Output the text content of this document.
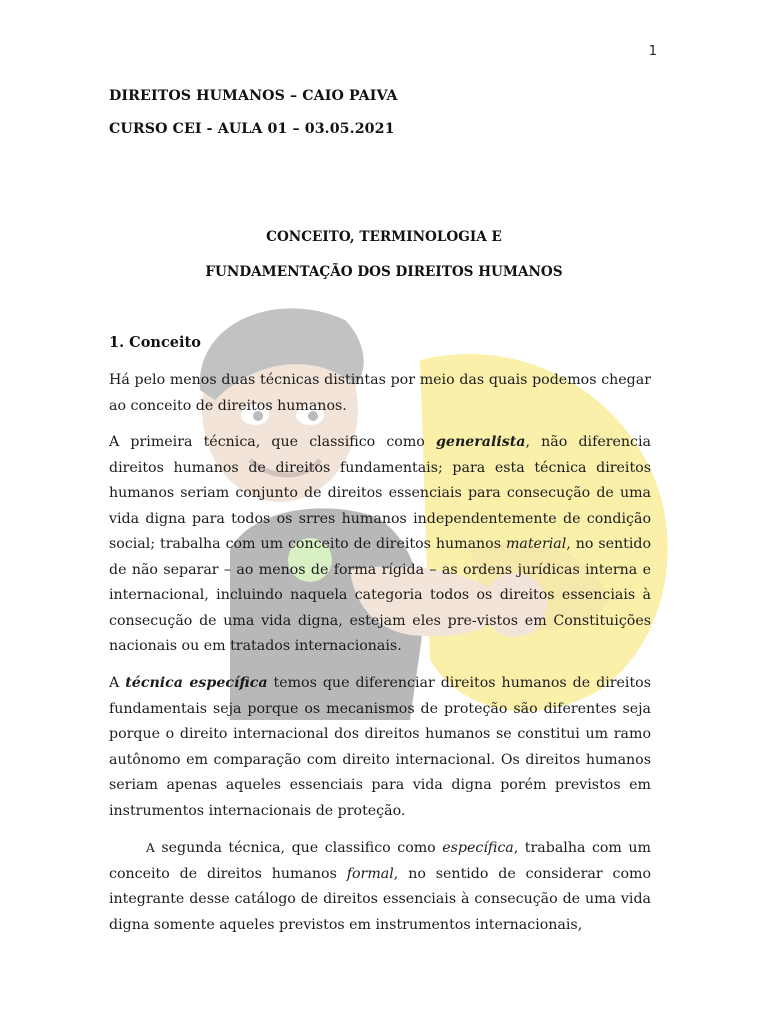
1
DIREITOS HUMANOS – CAIO PAIVA
CURSO CEI - AULA 01 – 03.05.2021
CONCEITO, TERMINOLOGIA E
FUNDAMENTAÇÃO DOS DIREITOS HUMANOS
1. Conceito

Há pelo menos duas técnicas distintas por meio das quais podemos chegar ao conceito de direitos humanos.

A primeira técnica, que classifico como generalista, não diferencia direitos humanos de direitos fundamentais; para esta técnica direitos humanos seriam conjunto de direitos essenciais para consecução de uma vida digna para todos os srres humanos independentemente de condição social; trabalha com um conceito de direitos humanos material, no sentido de não separar – ao menos de forma rígida – as ordens jurídicas interna e internacional, incluindo naquela categoria todos os direitos essenciais à consecução de uma vida digna, estejam eles pre-vistos em Constituições nacionais ou em tratados internacionais.

A técnica específica temos que diferenciar direitos humanos de direitos fundamentais seja porque os mecanismos de proteção são diferentes seja porque o direito internacional dos direitos humanos se constitui um ramo autônomo em comparação com direito internacional. Os direitos humanos seriam apenas aqueles essenciais para vida digna porém previstos em instrumentos internacionais de proteção.

A segunda técnica, que classifico como específica, trabalha com um conceito de direitos humanos formal, no sentido de considerar como integrante desse catálogo de direitos essenciais à consecução de uma vida digna somente aqueles previstos em instrumentos internacionais,
